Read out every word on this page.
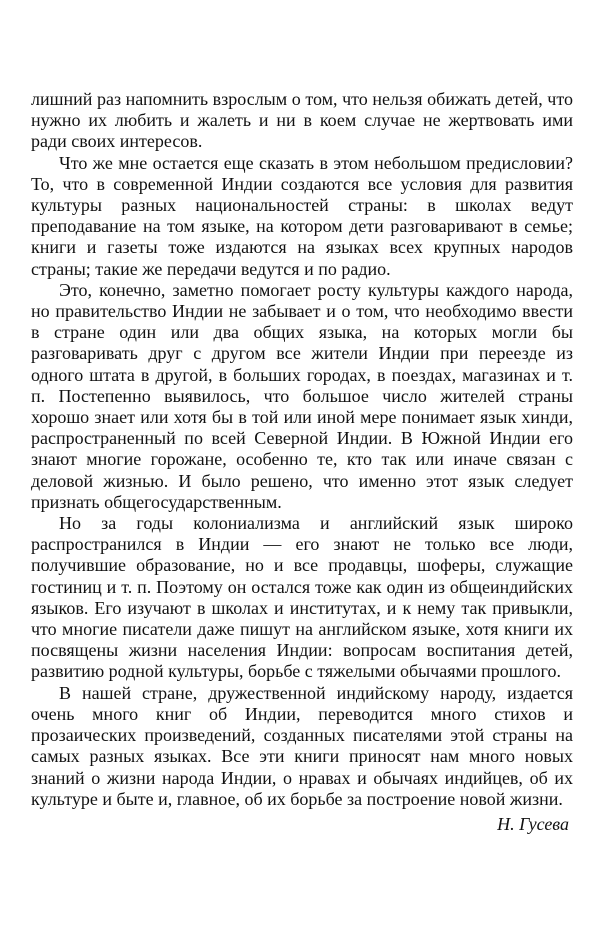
лишний раз напомнить взрослым о том, что нельзя обижать детей, что нужно их любить и жалеть и ни в коем случае не жертвовать ими ради своих интересов.

Что же мне остается еще сказать в этом небольшом предисловии? То, что в современной Индии создаются все условия для развития культуры разных национальностей страны: в школах ведут преподавание на том языке, на котором дети разговаривают в семье; книги и газеты тоже издаются на языках всех крупных народов страны; такие же передачи ведутся и по радио.

Это, конечно, заметно помогает росту культуры каждого народа, но правительство Индии не забывает и о том, что необходимо ввести в стране один или два общих языка, на которых могли бы разговаривать друг с другом все жители Индии при переезде из одного штата в другой, в больших городах, в поездах, магазинах и т. п. Постепенно выявилось, что большое число жителей страны хорошо знает или хотя бы в той или иной мере понимает язык хинди, распространенный по всей Северной Индии. В Южной Индии его знают многие горожане, особенно те, кто так или иначе связан с деловой жизнью. И было решено, что именно этот язык следует признать общегосударственным.

Но за годы колониализма и английский язык широко распространился в Индии — его знают не только все люди, получившие образование, но и все продавцы, шоферы, служащие гостиниц и т. п. Поэтому он остался тоже как один из общеиндийских языков. Его изучают в школах и институтах, и к нему так привыкли, что многие писатели даже пишут на английском языке, хотя книги их посвящены жизни населения Индии: вопросам воспитания детей, развитию родной культуры, борьбе с тяжелыми обычаями прошлого.

В нашей стране, дружественной индийскому народу, издается очень много книг об Индии, переводится много стихов и прозаических произведений, созданных писателями этой страны на самых разных языках. Все эти книги приносят нам много новых знаний о жизни народа Индии, о нравах и обычаях индийцев, об их культуре и быте и, главное, об их борьбе за построение новой жизни.

Н. Гусева
